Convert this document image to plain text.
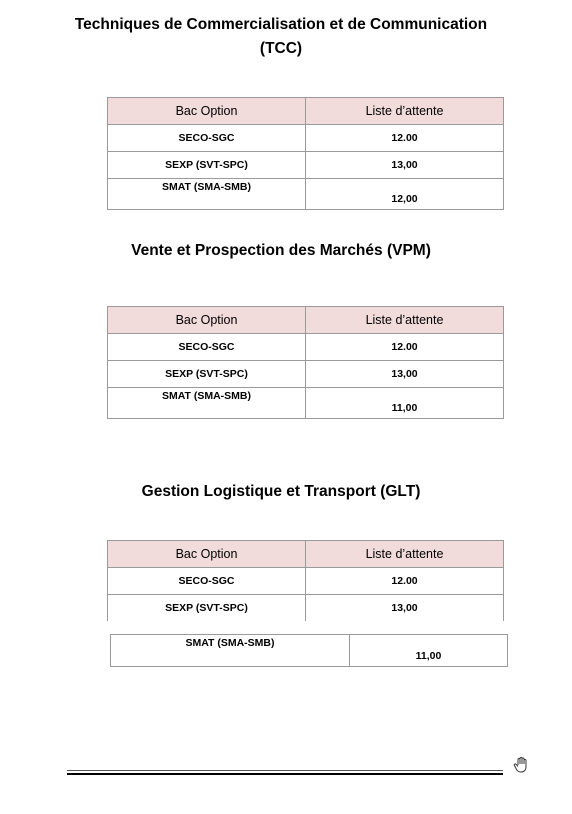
Techniques de Commercialisation et de Communication

(TCC)

Bac Option	Liste d’attente
SECO-SGC	12.00
SEXP (SVT-SPC)	13,00
SMAT (SMA-SMB)	12,00

Vente et Prospection des Marchés (VPM)

Bac Option	Liste d’attente
SECO-SGC	12.00
SEXP (SVT-SPC)	13,00
SMAT (SMA-SMB)	11,00

Gestion Logistique et Transport (GLT)

Bac Option	Liste d’attente
SECO-SGC	12.00
SEXP (SVT-SPC)	13,00
SMAT (SMA-SMB)	11,00
